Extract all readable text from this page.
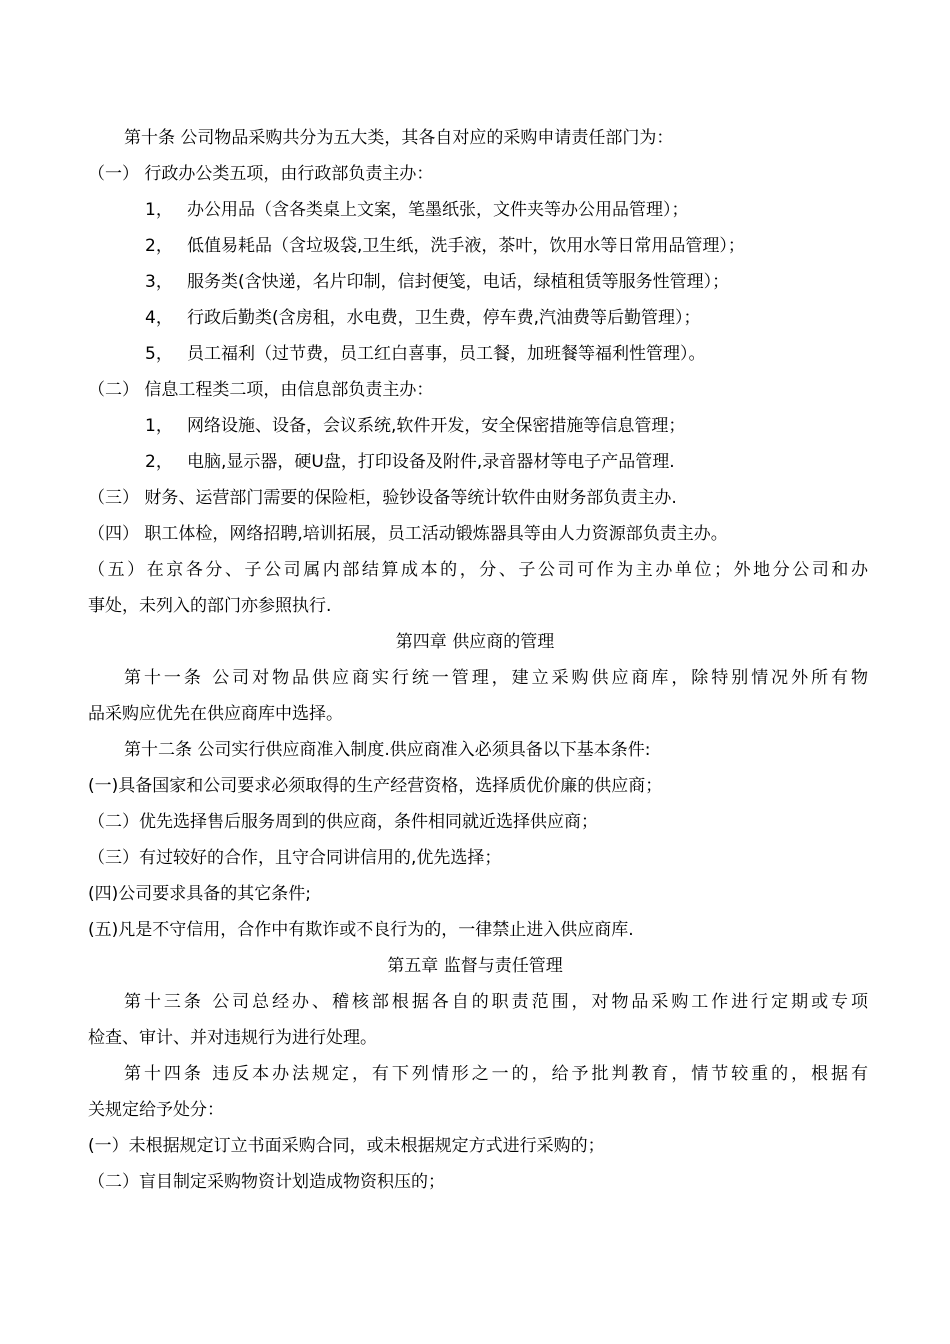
第十条 公司物品采购共分为五大类，其各自对应的采购申请责任部门为：
（一） 行政办公类五项，由行政部负责主办：
1， 办公用品（含各类桌上文案，笔墨纸张，文件夹等办公用品管理）；
2， 低值易耗品（含垃圾袋,卫生纸，洗手液，茶叶，饮用水等日常用品管理）；
3， 服务类(含快递，名片印制，信封便笺，电话，绿植租赁等服务性管理）；
4， 行政后勤类(含房租，水电费，卫生费，停车费,汽油费等后勤管理）；
5， 员工福利（过节费，员工红白喜事，员工餐，加班餐等福利性管理）。
（二） 信息工程类二项，由信息部负责主办：
1， 网络设施、设备，会议系统,软件开发，安全保密措施等信息管理；
2， 电脑,显示器，硬U盘，打印设备及附件,录音器材等电子产品管理.
（三） 财务、运营部门需要的保险柜，验钞设备等统计软件由财务部负责主办.
（四） 职工体检，网络招聘,培训拓展，员工活动锻炼器具等由人力资源部负责主办。
（五）在京各分、子公司属内部结算成本的，分、子公司可作为主办单位；外地分公司和办
事处，未列入的部门亦参照执行.
第四章 供应商的管理
第十一条 公司对物品供应商实行统一管理，建立采购供应商库，除特别情况外所有物
品采购应优先在供应商库中选择。
第十二条 公司实行供应商准入制度.供应商准入必须具备以下基本条件:
(一)具备国家和公司要求必须取得的生产经营资格，选择质优价廉的供应商；
（二）优先选择售后服务周到的供应商，条件相同就近选择供应商；
（三）有过较好的合作，且守合同讲信用的,优先选择；
(四)公司要求具备的其它条件;
(五)凡是不守信用，合作中有欺诈或不良行为的，一律禁止进入供应商库.
第五章 监督与责任管理
第十三条 公司总经办、稽核部根据各自的职责范围，对物品采购工作进行定期或专项
检查、审计、并对违规行为进行处理。
第十四条 违反本办法规定，有下列情形之一的，给予批判教育，情节较重的，根据有
关规定给予处分：
(一）未根据规定订立书面采购合同，或未根据规定方式进行采购的；
（二）盲目制定采购物资计划造成物资积压的；
